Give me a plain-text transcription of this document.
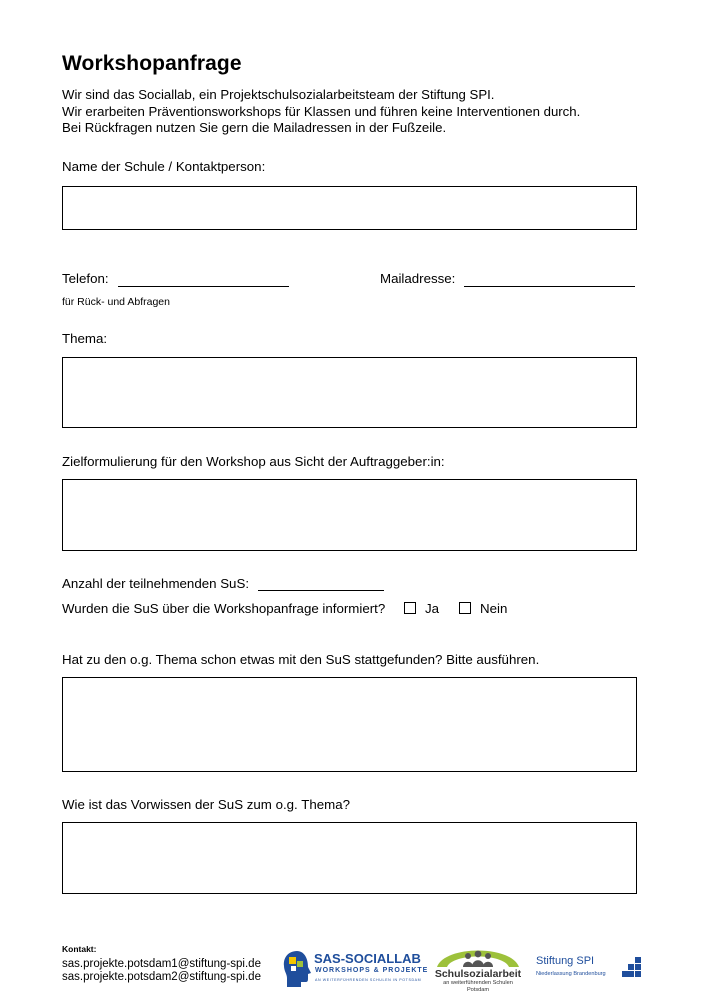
Workshopanfrage
Wir sind das Sociallab, ein Projektschulsozialarbeitsteam der Stiftung SPI.
Wir erarbeiten Präventionsworkshops für Klassen und führen keine Interventionen durch.
Bei Rückfragen nutzen Sie gern die Mailadressen in der Fußzeile.
Name der Schule / Kontaktperson:
Telefon:
für Rück- und Abfragen
Mailadresse:
Thema:
Zielformulierung für den Workshop aus Sicht der Auftraggeber:in:
Anzahl der teilnehmenden SuS:
Wurden die SuS über die Workshopanfrage informiert?	Ja	Nein
Hat zu den o.g. Thema schon etwas mit den SuS stattgefunden? Bitte ausführen.
Wie ist das Vorwissen der SuS zum o.g. Thema?
Kontakt:
sas.projekte.potsdam1@stiftung-spi.de
sas.projekte.potsdam2@stiftung-spi.de
SAS-SOCIALLAB
WORKSHOPS & PROJEKTE
AN WEITERFÜHRENDEN SCHULEN IN POTSDAM	Schulsozialarbeit
an weiterführenden Schulen
Potsdam
Stiftung SPI
Niederlassung Brandenburg
